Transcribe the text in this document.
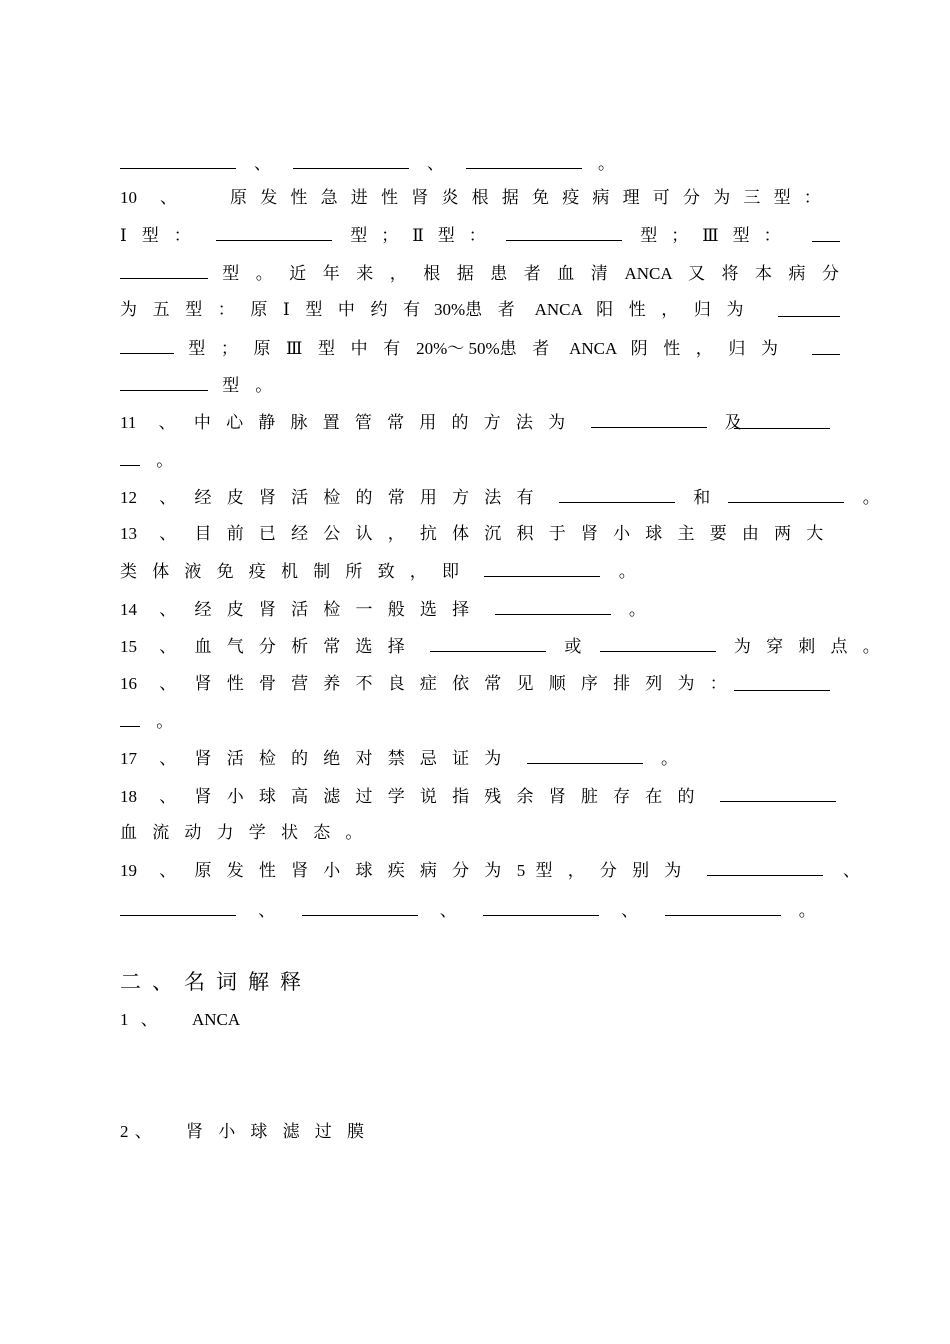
、	、	。
10 、	原发性急进性肾炎根据免疫病理可分为三型：
Ⅰ型：	型；Ⅱ型：	型；Ⅲ型：
型。近年来，根据患者血清 ANCA 又将本病分
为五型：原Ⅰ型中约有 30%患者 ANCA 阳性，归为
型；原Ⅲ型中有 20%～ 50%患者 ANCA 阴性，归为
型。
11 、 中心静脉置管常用的方法为	及
。
12 、 经皮肾活检的常用方法有	和	。
13 、 目前已经公认，抗体沉积于肾小球主要由两大
类体液免疫机制所致，即	。
14 、 经皮肾活检一般选择	。
15 、 血气分析常选择	或	为穿刺点。
16 、 肾性骨营养不良症依常见顺序排列为：
。
17 、 肾活检的绝对禁忌证为	。
18 、 肾小球高滤过学说指残余肾脏存在的
血流动力学状态。
19 、 原发性肾小球疾病分为 5 型，分别为	、
、	、	、	。
二、名词解释
1 、 ANCA
2 、 肾小球滤过膜
